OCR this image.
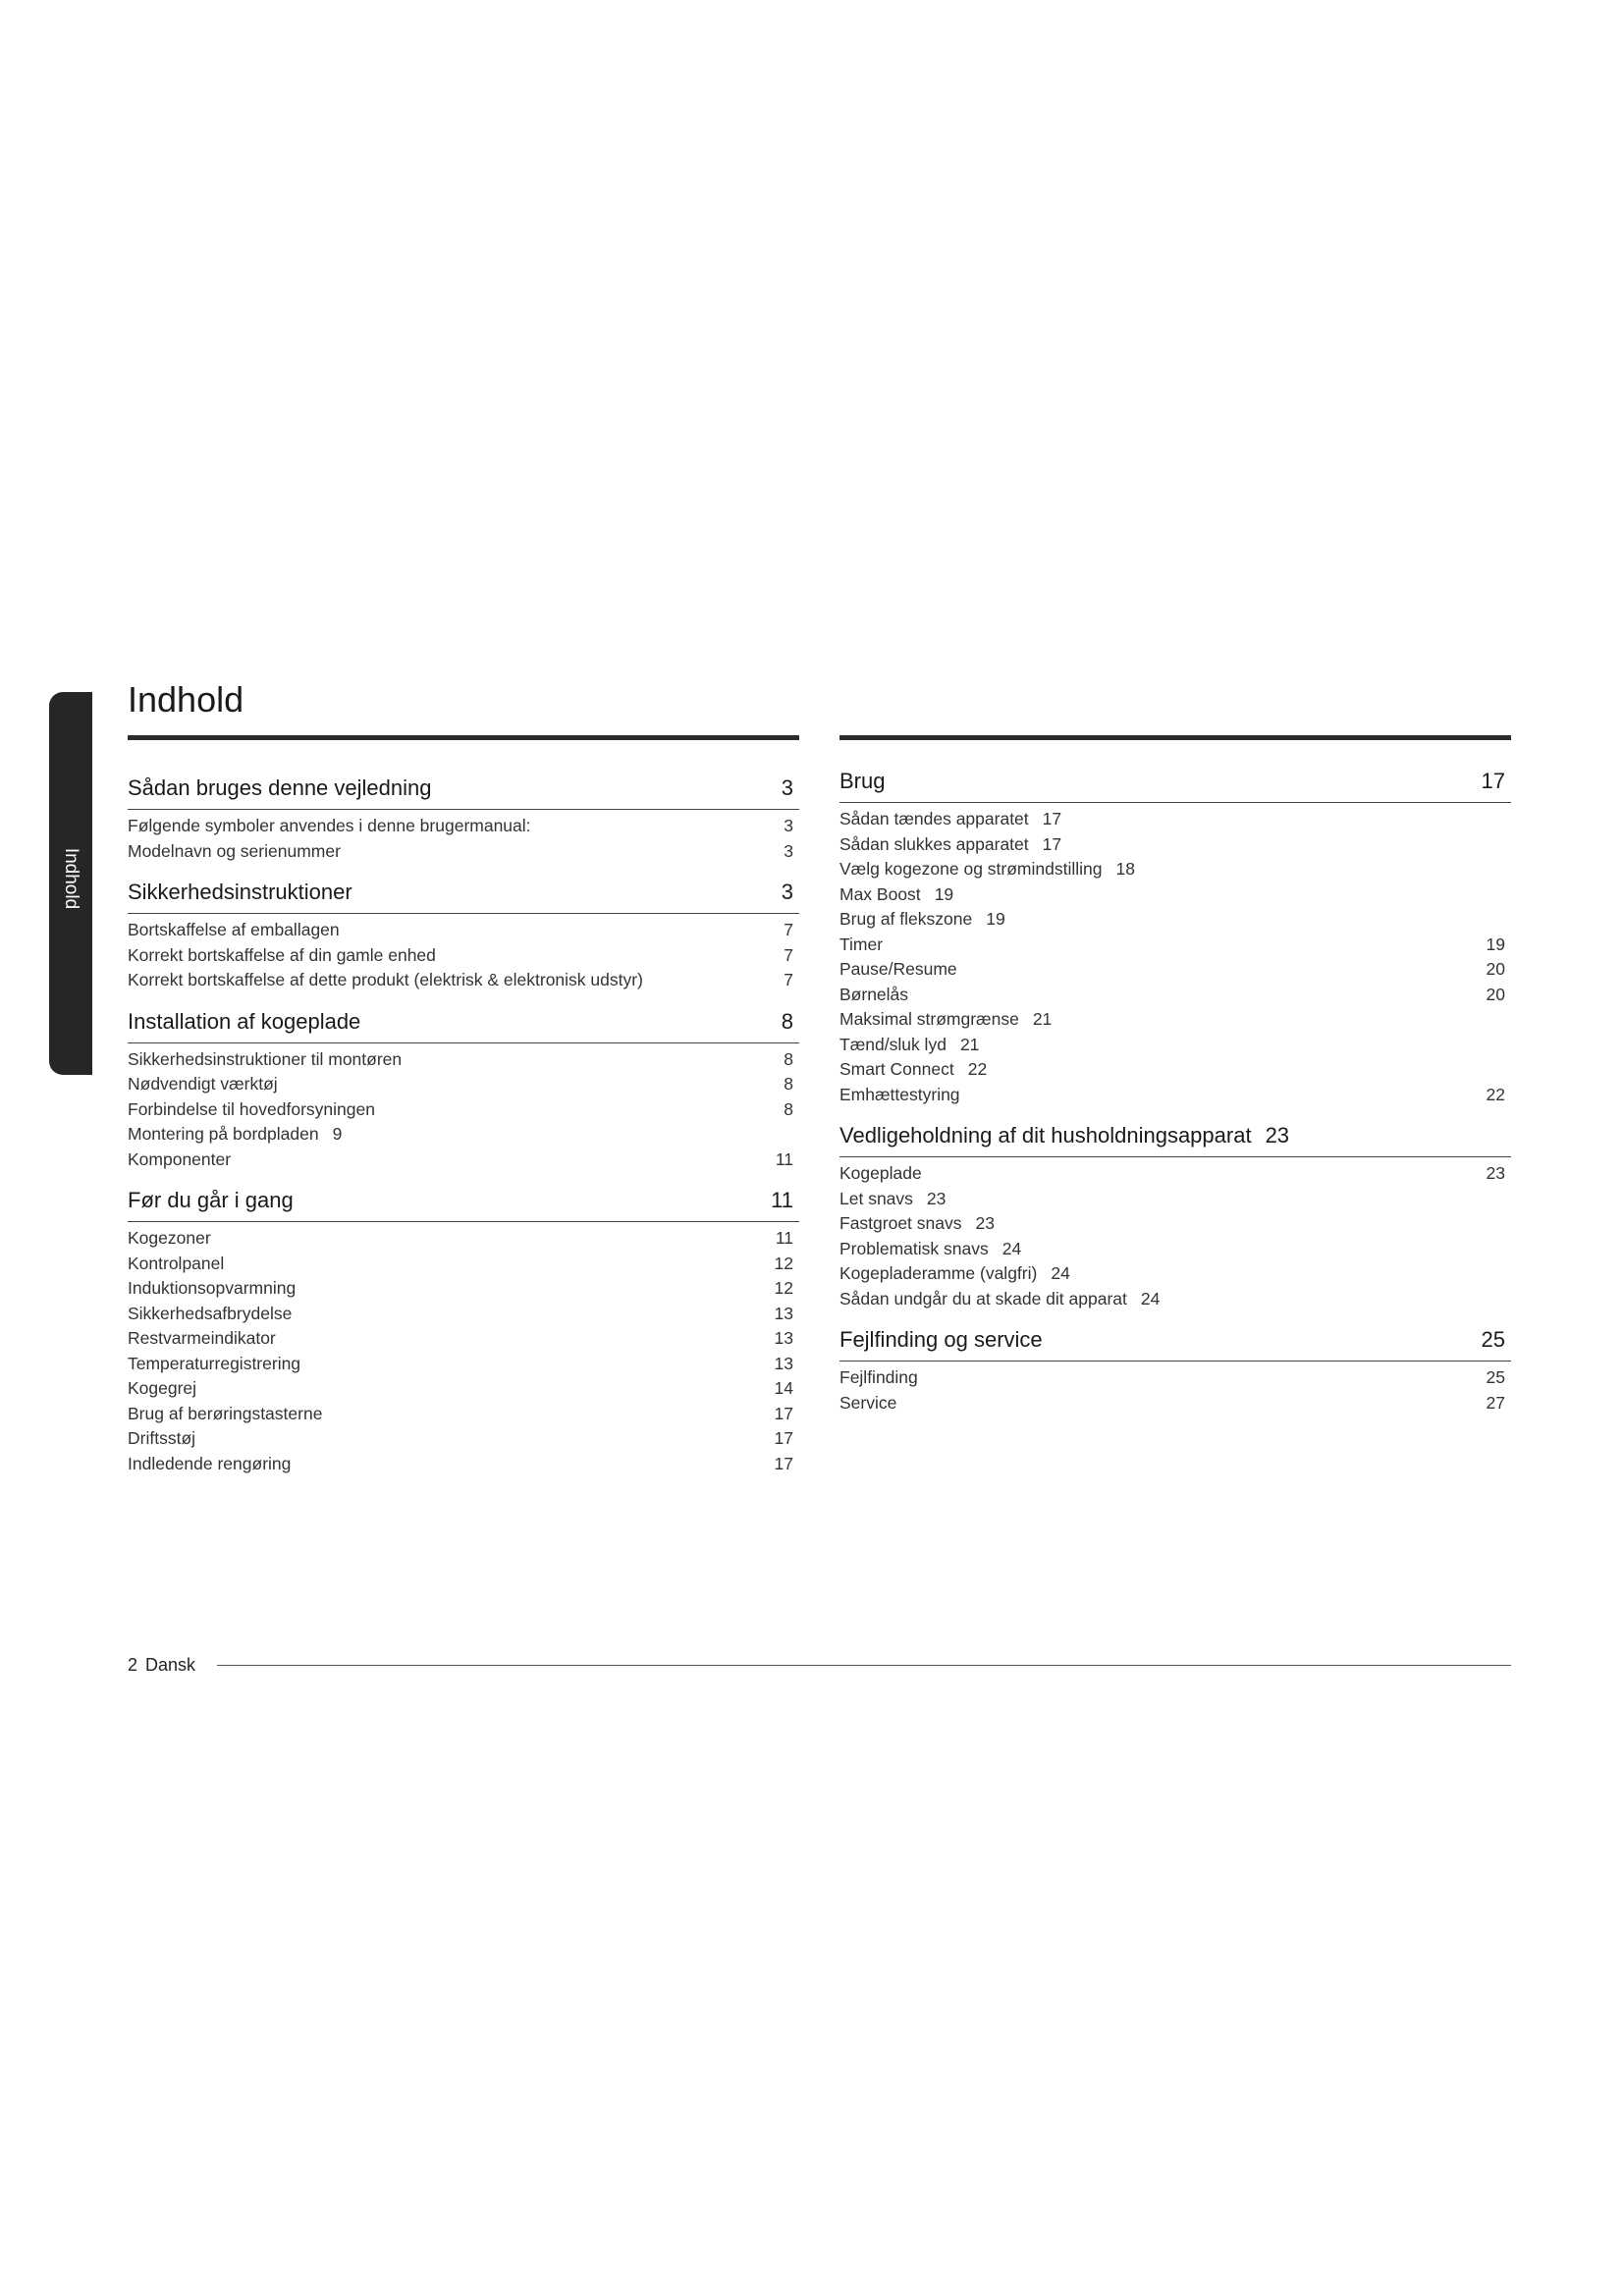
Indhold
Indhold
Sådan bruges denne vejledning	3
Følgende symboler anvendes i denne brugermanual:	3
Modelnavn og serienummer	3
Sikkerhedsinstruktioner	3
Bortskaffelse af emballagen	7
Korrekt bortskaffelse af din gamle enhed	7
Korrekt bortskaffelse af dette produkt (elektrisk & elektronisk udstyr)	7
Installation af kogeplade	8
Sikkerhedsinstruktioner til montøren	8
Nødvendigt værktøj	8
Forbindelse til hovedforsyningen	8
Montering på bordpladen 9
Komponenter	11
Før du går i gang	11
Kogezoner	11
Kontrolpanel	12
Induktionsopvarmning	12
Sikkerhedsafbrydelse	13
Restvarmeindikator	13
Temperaturregistrering	13
Kogegrej	14
Brug af berøringstasterne	17
Driftsstøj	17
Indledende rengøring	17
Brug	17
Sådan tændes apparatet 17
Sådan slukkes apparatet 17
Vælg kogezone og strømindstilling 18
Max Boost 19
Brug af flekszone 19
Timer	19
Pause/Resume	20
Børnelås	20
Maksimal strømgrænse 21
Tænd/sluk lyd 21
Smart Connect 22
Emhættestyring	22
Vedligeholdning af dit husholdningsapparat 23
Kogeplade	23
Let snavs 23
Fastgroet snavs 23
Problematisk snavs 24
Kogepladeramme (valgfri) 24
Sådan undgår du at skade dit apparat 24
Fejlfinding og service	25
Fejlfinding	25
Service	27
2 Dansk
